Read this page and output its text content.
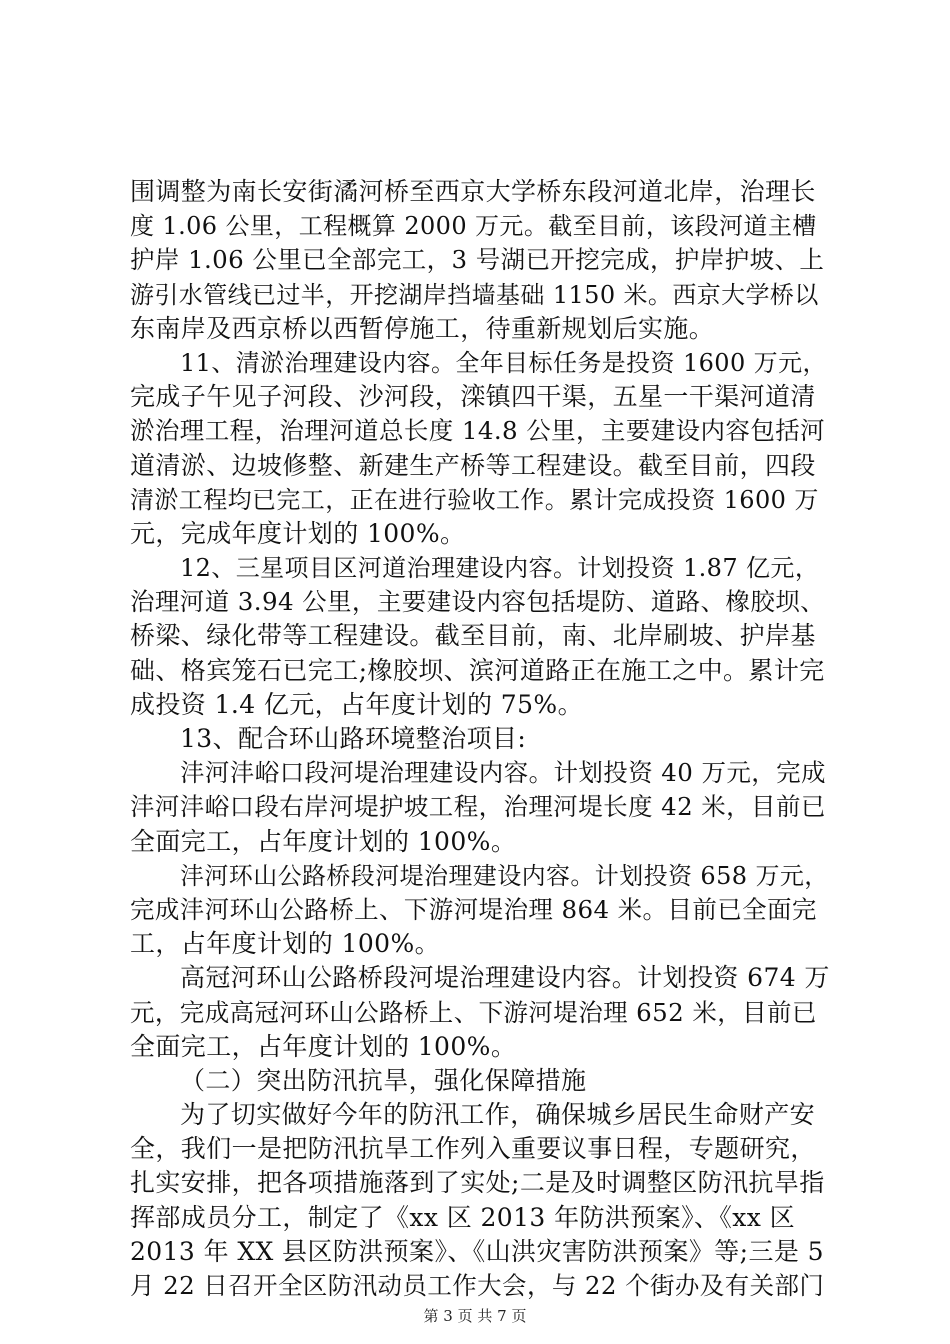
围调整为南长安街潏河桥至西京大学桥东段河道北岸，治理长
度 1.06 公里，工程概算 2000 万元。截至目前，该段河道主槽
护岸 1.06 公里已全部完工，3 号湖已开挖完成，护岸护坡、上
游引水管线已过半，开挖湖岸挡墙基础 1150 米。西京大学桥以
东南岸及西京桥以西暂停施工，待重新规划后实施。
11、清淤治理建设内容。全年目标任务是投资 1600 万元，
完成子午见子河段、沙河段，滦镇四干渠，五星一干渠河道清
淤治理工程，治理河道总长度 14.8 公里，主要建设内容包括河
道清淤、边坡修整、新建生产桥等工程建设。截至目前，四段
清淤工程均已完工，正在进行验收工作。累计完成投资 1600 万
元，完成年度计划的 100%。
12、三星项目区河道治理建设内容。计划投资 1.87 亿元，
治理河道 3.94 公里，主要建设内容包括堤防、道路、橡胶坝、
桥梁、绿化带等工程建设。截至目前，南、北岸刷坡、护岸基
础、格宾笼石已完工;橡胶坝、滨河道路正在施工之中。累计完
成投资 1.4 亿元，占年度计划的 75%。
13、配合环山路环境整治项目:
沣河沣峪口段河堤治理建设内容。计划投资 40 万元，完成
沣河沣峪口段右岸河堤护坡工程，治理河堤长度 42 米，目前已
全面完工，占年度计划的 100%。
沣河环山公路桥段河堤治理建设内容。计划投资 658 万元，
完成沣河环山公路桥上、下游河堤治理 864 米。目前已全面完
工，占年度计划的 100%。
高冠河环山公路桥段河堤治理建设内容。计划投资 674 万
元，完成高冠河环山公路桥上、下游河堤治理 652 米，目前已
全面完工，占年度计划的 100%。
（二）突出防汛抗旱，强化保障措施
为了切实做好今年的防汛工作，确保城乡居民生命财产安
全，我们一是把防汛抗旱工作列入重要议事日程，专题研究，
扎实安排，把各项措施落到了实处;二是及时调整区防汛抗旱指
挥部成员分工，制定了《xx 区 2013 年防洪预案》、《xx 区
2013 年 XX 县区防洪预案》、《山洪灾害防洪预案》等;三是 5
月 22 日召开全区防汛动员工作大会，与 22 个街办及有关部门
第 3 页 共 7 页
